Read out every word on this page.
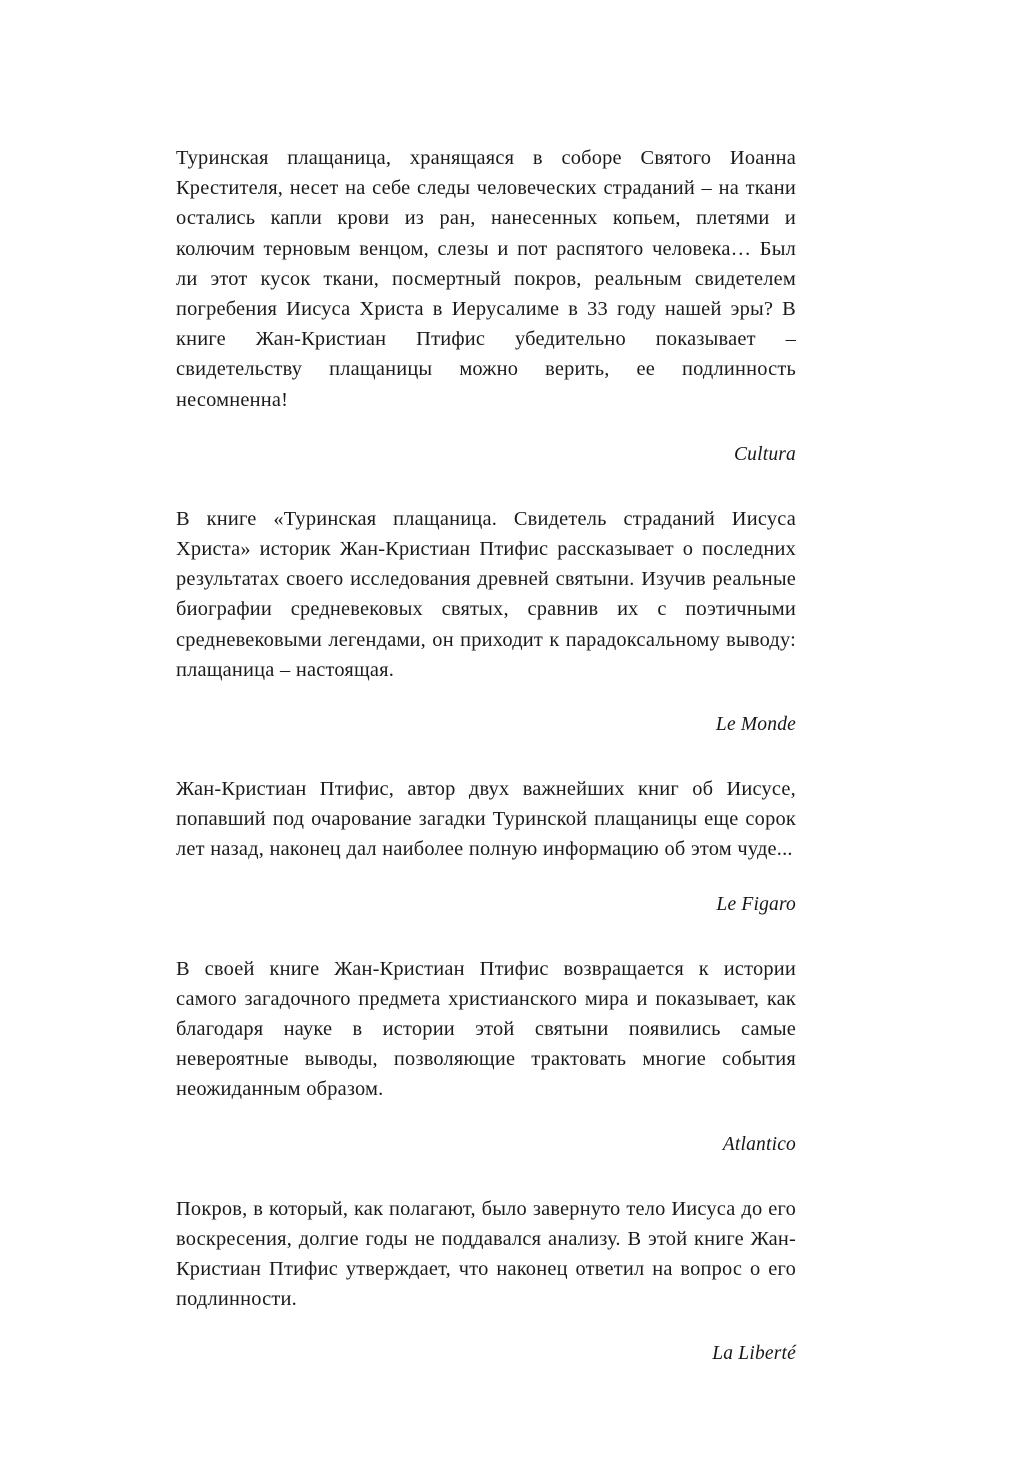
Туринская плащаница, хранящаяся в соборе Святого Иоанна Крестителя, несет на себе следы человеческих страданий – на ткани остались капли крови из ран, нанесенных копьем, плетями и колючим терновым венцом, слезы и пот распятого человека… Был ли этот кусок ткани, посмертный покров, реальным свидетелем погребения Иисуса Христа в Иерусалиме в 33 году нашей эры? В книге Жан-Кристиан Птифис убедительно показывает – свидетельству плащаницы можно верить, ее подлинность несомненна!

Cultura

В книге «Туринская плащаница. Свидетель страданий Иисуса Христа» историк Жан-Кристиан Птифис рассказывает о последних результатах своего исследования древней святыни. Изучив реальные биографии средневековых святых, сравнив их с поэтичными средневековыми легендами, он приходит к парадоксальному выводу: плащаница – настоящая.

Le Monde

Жан-Кристиан Птифис, автор двух важнейших книг об Иисусе, попавший под очарование загадки Туринской плащаницы еще сорок лет назад, наконец дал наиболее полную информацию об этом чуде...

Le Figaro

В своей книге Жан-Кристиан Птифис возвращается к истории самого загадочного предмета христианского мира и показывает, как благодаря науке в истории этой святыни появились самые невероятные выводы, позволяющие трактовать многие события неожиданным образом.

Atlantico

Покров, в который, как полагают, было завернуто тело Иисуса до его воскресения, долгие годы не поддавался анализу. В этой книге Жан-Кристиан Птифис утверждает, что наконец ответил на вопрос о его подлинности.

La Liberté
